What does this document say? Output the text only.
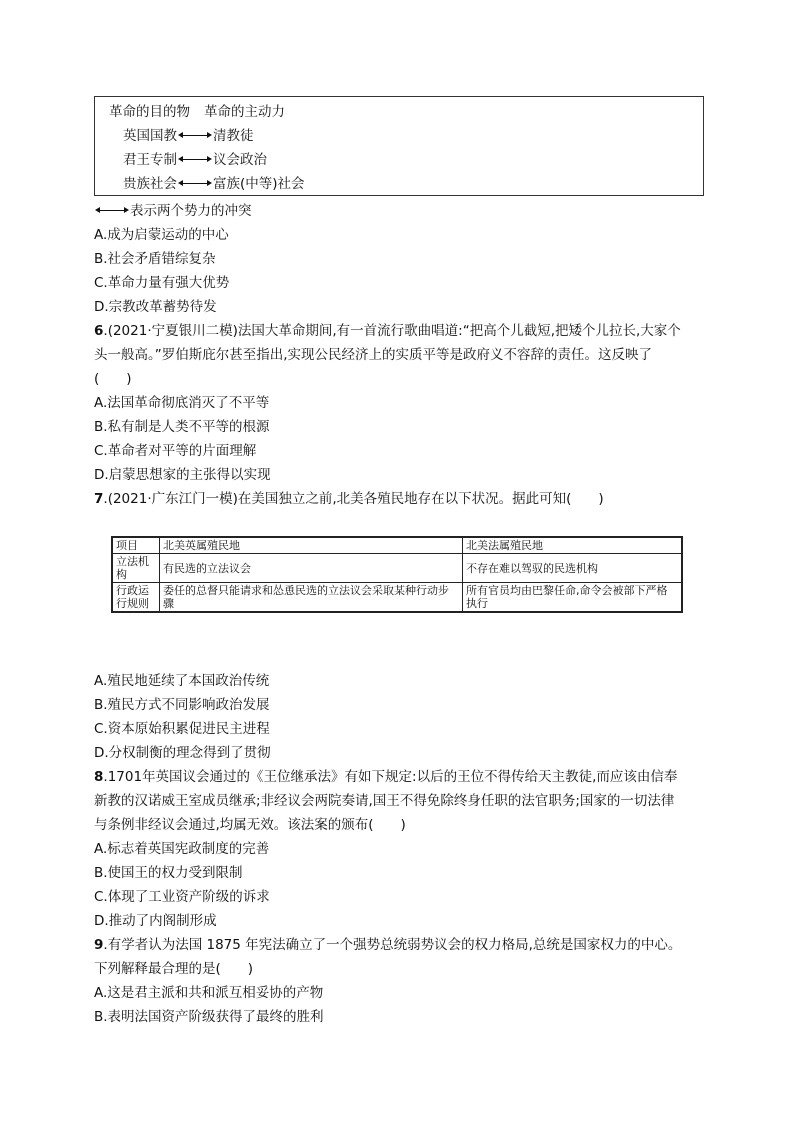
革命的目的物 革命的主动力
英国国教	清教徒
君王专制	议会政治
贵族社会	富族(中等)社会
表示两个势力的冲突
A.成为启蒙运动的中心
B.社会矛盾错综复杂
C.革命力量有强大优势
D.宗教改革蓄势待发
6.(2021·宁夏银川二模)法国大革命期间,有一首流行歌曲唱道:“把高个儿截短,把矮个儿拉长,大家个
头一般高。”罗伯斯庇尔甚至指出,实现公民经济上的实质平等是政府义不容辞的责任。这反映了
(　　)
A.法国革命彻底消灭了不平等
B.私有制是人类不平等的根源
C.革命者对平等的片面理解
D.启蒙思想家的主张得以实现
7.(2021·广东江门一模)在美国独立之前,北美各殖民地存在以下状况。据此可知(　　)
项目	北美英属殖民地	北美法属殖民地
立法机构	有民选的立法议会	不存在难以驾驭的民选机构
行政运行规则	委任的总督只能请求和怂恿民选的立法议会采取某种行动步骤	所有官员均由巴黎任命,命令会被部下严格执行
A.殖民地延续了本国政治传统
B.殖民方式不同影响政治发展
C.资本原始积累促进民主进程
D.分权制衡的理念得到了贯彻
8.1701年英国议会通过的《王位继承法》有如下规定:以后的王位不得传给天主教徒,而应该由信奉
新教的汉诺威王室成员继承;非经议会两院奏请,国王不得免除终身任职的法官职务;国家的一切法律
与条例非经议会通过,均属无效。该法案的颁布(　　)
A.标志着英国宪政制度的完善
B.使国王的权力受到限制
C.体现了工业资产阶级的诉求
D.推动了内阁制形成
9.有学者认为法国 1875 年宪法确立了一个强势总统弱势议会的权力格局,总统是国家权力的中心。
下列解释最合理的是(　　)
A.这是君主派和共和派互相妥协的产物
B.表明法国资产阶级获得了最终的胜利
